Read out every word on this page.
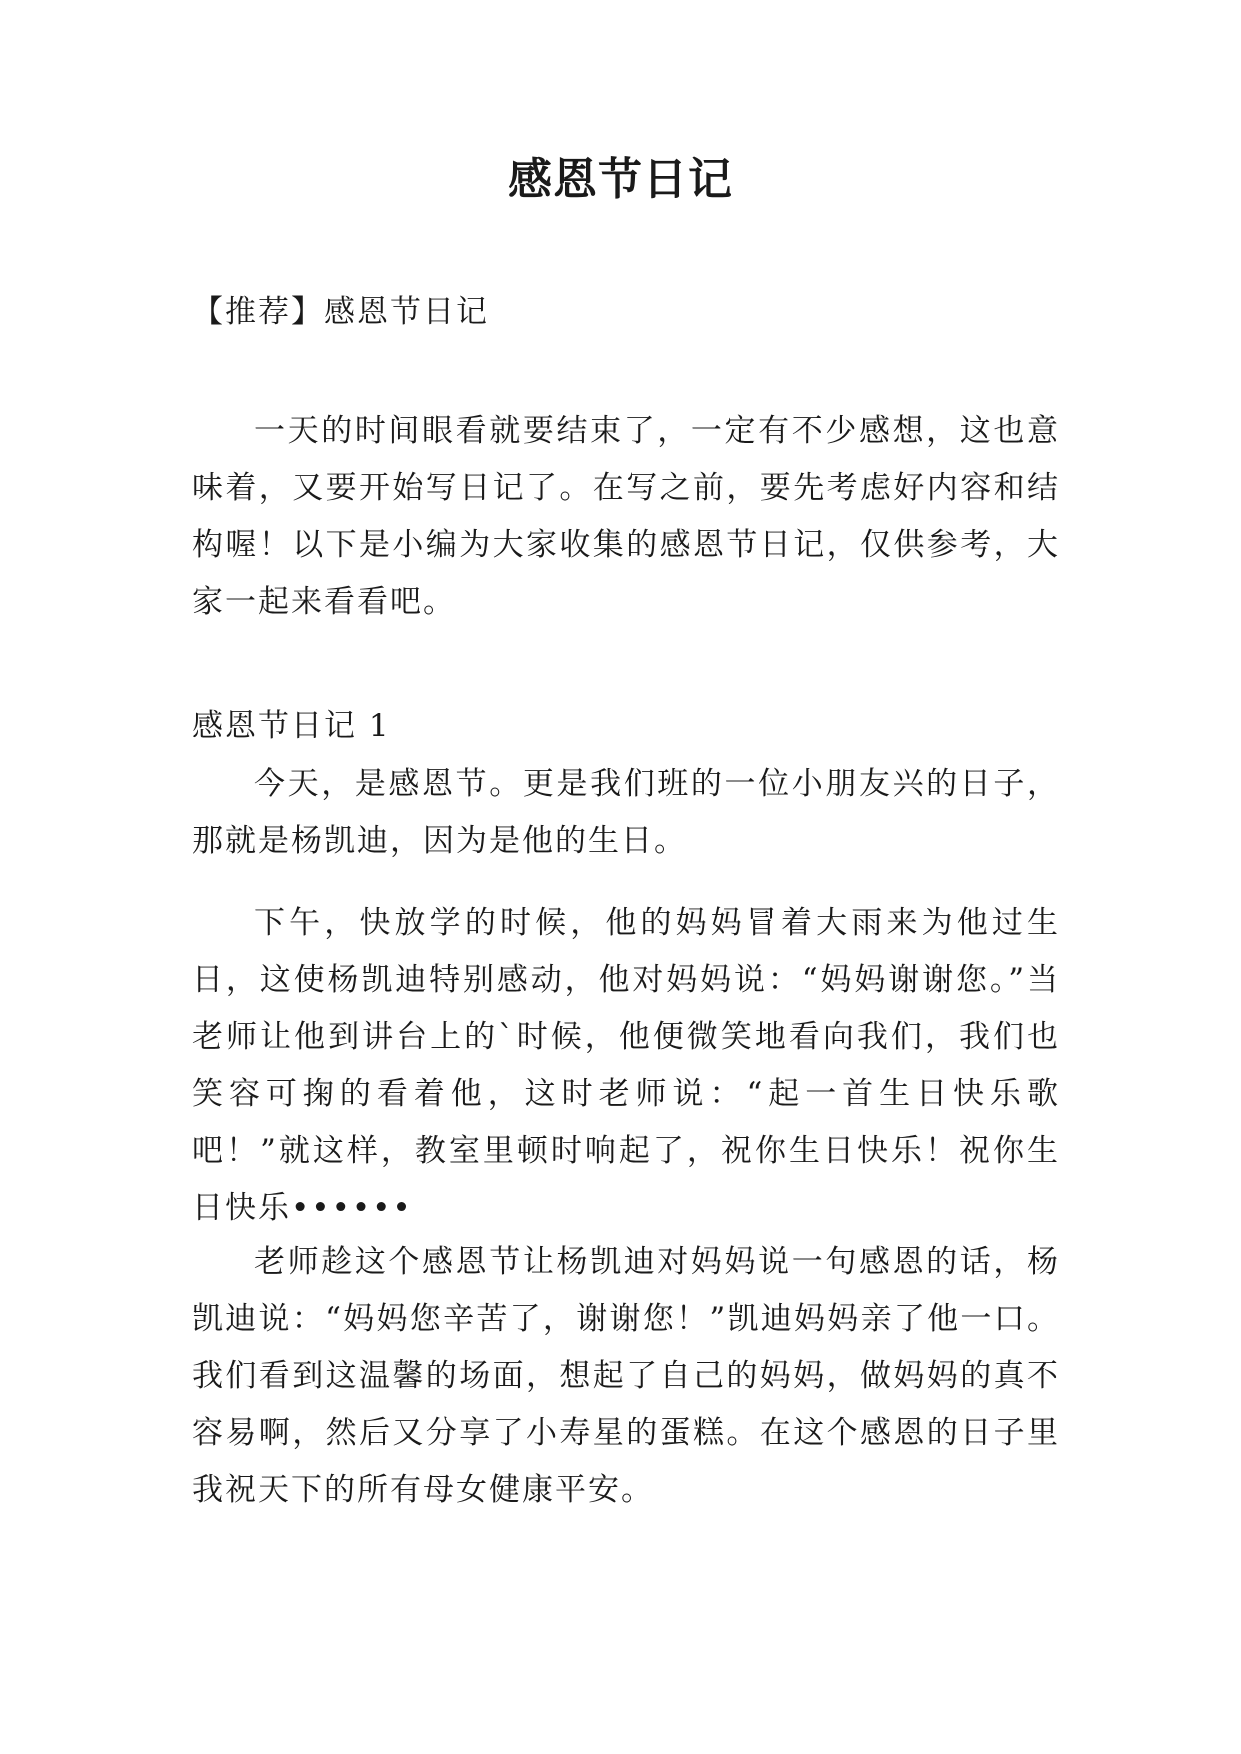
感恩节日记
【推荐】感恩节日记
一天的时间眼看就要结束了，一定有不少感想，这也意味着，又要开始写日记了。在写之前，要先考虑好内容和结构喔！以下是小编为大家收集的感恩节日记，仅供参考，大家一起来看看吧。
感恩节日记 1
今天，是感恩节。更是我们班的一位小朋友兴的日子，那就是杨凯迪，因为是他的生日。
下午，快放学的时候，他的妈妈冒着大雨来为他过生日，这使杨凯迪特别感动，他对妈妈说：“妈妈谢谢您。”当老师让他到讲台上的`时候，他便微笑地看向我们，我们也笑容可掬的看着他，这时老师说：“起一首生日快乐歌吧！”就这样，教室里顿时响起了，祝你生日快乐！祝你生日快乐••••••
老师趁这个感恩节让杨凯迪对妈妈说一句感恩的话，杨凯迪说：“妈妈您辛苦了，谢谢您！”凯迪妈妈亲了他一口。我们看到这温馨的场面，想起了自己的妈妈，做妈妈的真不容易啊，然后又分享了小寿星的蛋糕。在这个感恩的日子里我祝天下的所有母女健康平安。
